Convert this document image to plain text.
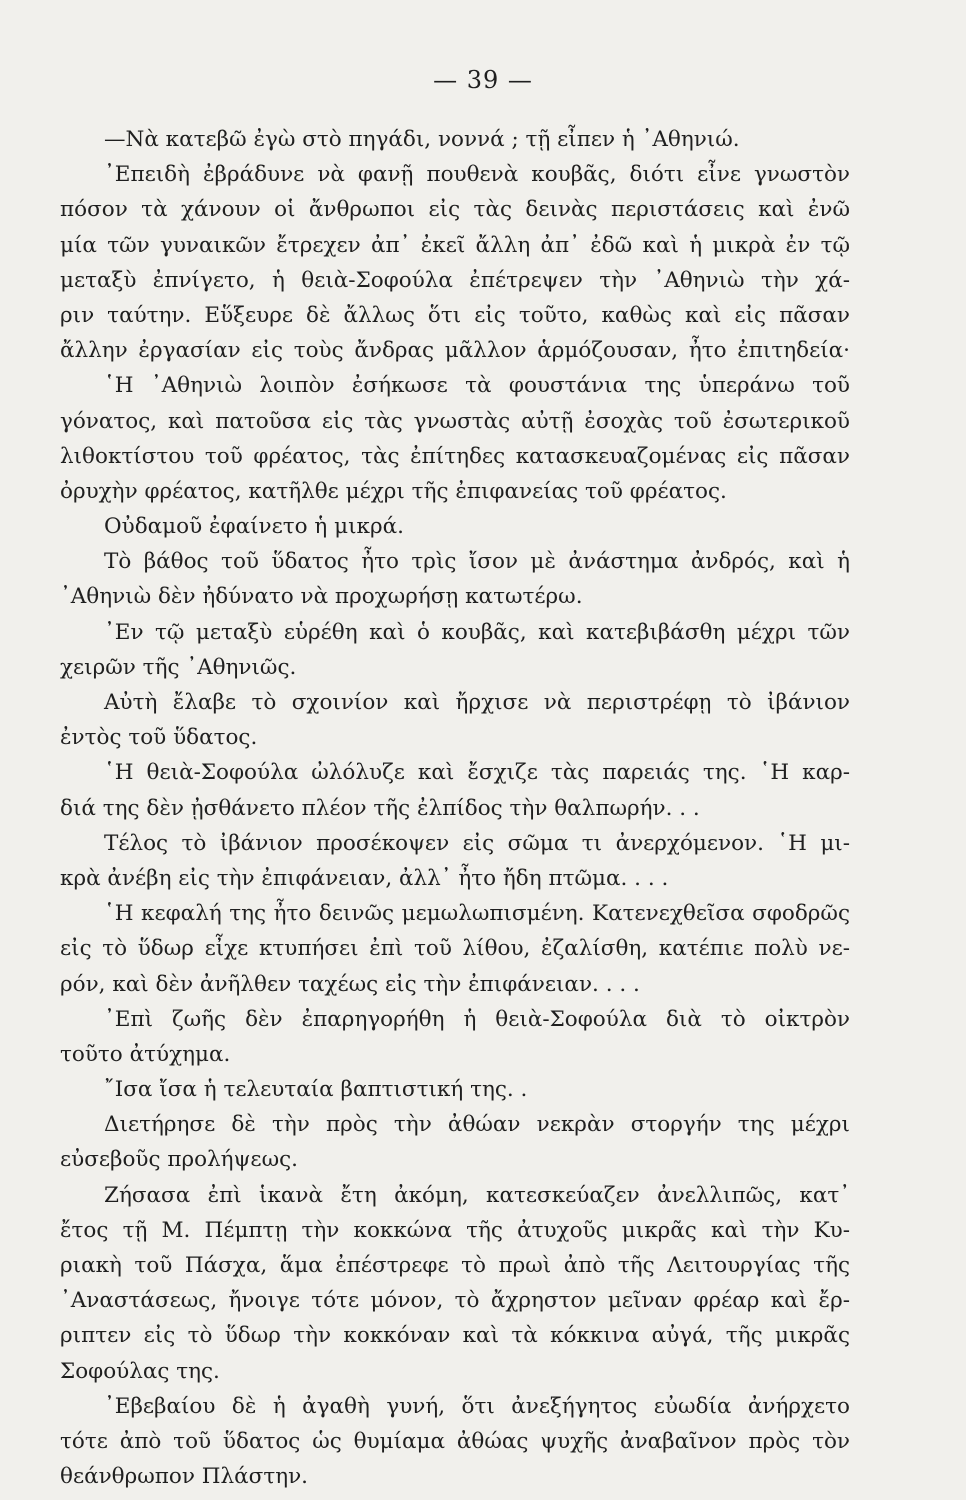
— 39 —
—Νὰ κατεβῶ ἐγὼ στὸ πηγάδι, νοννά ; τῇ εἶπεν ἡ ᾿Αθηνιώ.
᾿Επειδὴ ἐβράδυνε νὰ φανῇ πουθενὰ κουβᾶς, διότι εἶνε γνωστὸν
πόσον τὰ χάνουν οἱ ἄνθρωποι εἰς τὰς δεινὰς περιστάσεις καὶ ἐνῶ
μία τῶν γυναικῶν ἔτρεχεν ἀπ᾿ ἐκεῖ ἄλλη ἀπ᾿ ἐδῶ καὶ ἡ μικρὰ ἐν τῷ
μεταξὺ ἐπνίγετο, ἡ θειὰ-Σοφούλα ἐπέτρεψεν τὴν ᾿Αθηνιὼ τὴν χά-
ριν ταύτην. Εὕξευρε δὲ ἄλλως ὅτι εἰς τοῦτο, καθὼς καὶ εἰς πᾶσαν
ἄλλην ἐργασίαν εἰς τοὺς ἄνδρας μᾶλλον ἁρμόζουσαν, ἦτο ἐπιτηδεία·
῾Η ᾿Αθηνιὼ λοιπὸν ἐσήκωσε τὰ φουστάνια της ὑπεράνω τοῦ
γόνατος, καὶ πατοῦσα εἰς τὰς γνωστὰς αὐτῇ ἐσοχὰς τοῦ ἐσωτερικοῦ
λιθοκτίστου τοῦ φρέατος, τὰς ἐπίτηδες κατασκευαζομένας εἰς πᾶσαν
ὀρυχὴν φρέατος, κατῆλθε μέχρι τῆς ἐπιφανείας τοῦ φρέατος.
Οὐδαμοῦ ἐφαίνετο ἡ μικρά.
Τὸ βάθος τοῦ ὕδατος ἦτο τρὶς ἴσον μὲ ἀνάστημα ἀνδρός, καὶ ἡ
᾿Αθηνιὼ δὲν ἠδύνατο νὰ προχωρήσῃ κατωτέρω.
᾿Εν τῷ μεταξὺ εὑρέθη καὶ ὁ κουβᾶς, καὶ κατεβιβάσθη μέχρι τῶν
χειρῶν τῆς ᾿Αθηνιῶς.
Αὐτὴ ἔλαβε τὸ σχοινίον καὶ ἤρχισε νὰ περιστρέφῃ τὸ ἰβάνιον
ἐντὸς τοῦ ὕδατος.
῾Η θειὰ-Σοφούλα ὠλόλυζε καὶ ἔσχιζε τὰς παρειάς της. ῾Η καρ-
διά της δὲν ᾐσθάνετο πλέον τῆς ἐλπίδος τὴν θαλπωρήν. . .
Τέλος τὸ ἰβάνιον προσέκοψεν εἰς σῶμα τι ἀνερχόμενον. ῾Η μι-
κρὰ ἀνέβη εἰς τὴν ἐπιφάνειαν, ἀλλ᾿ ἦτο ἤδη πτῶμα. . . .
῾Η κεφαλή της ἦτο δεινῶς μεμωλωπισμένη. Κατενεχθεῖσα σφοδρῶς
εἰς τὸ ὕδωρ εἶχε κτυπήσει ἐπὶ τοῦ λίθου, ἐζαλίσθη, κατέπιε πολὺ νε-
ρόν, καὶ δὲν ἀνῆλθεν ταχέως εἰς τὴν ἐπιφάνειαν. . . .
᾿Επὶ ζωῆς δὲν ἐπαρηγορήθη ἡ θειὰ-Σοφούλα διὰ τὸ οἰκτρὸν
τοῦτο ἀτύχημα.
῎Ισα ἴσα ἡ τελευταία βαπτιστική της. .
Διετήρησε δὲ τὴν πρὸς τὴν ἀθώαν νεκρὰν στοργήν της μέχρι
εὐσεβοῦς προλήψεως.
Ζήσασα ἐπὶ ἱκανὰ ἔτη ἀκόμη, κατεσκεύαζεν ἀνελλιπῶς, κατ᾿
ἔτος τῇ Μ. Πέμπτῃ τὴν κοκκώνα τῆς ἀτυχοῦς μικρᾶς καὶ τὴν Κυ-
ριακὴ τοῦ Πάσχα, ἅμα ἐπέστρεφε τὸ πρωὶ ἀπὸ τῆς Λειτουργίας τῆς
᾿Αναστάσεως, ἤνοιγε τότε μόνον, τὸ ἄχρηστον μεῖναν φρέαρ καὶ ἔρ-
ριπτεν εἰς τὸ ὕδωρ τὴν κοκκόναν καὶ τὰ κόκκινα αὐγά, τῆς μικρᾶς
Σοφούλας της.
᾿Εβεβαίου δὲ ἡ ἀγαθὴ γυνή, ὅτι ἀνεξήγητος εὐωδία ἀνήρχετο
τότε ἀπὸ τοῦ ὕδατος ὡς θυμίαμα ἀθώας ψυχῆς ἀναβαῖνον πρὸς τὸν
θεάνθρωπον Πλάστην.
